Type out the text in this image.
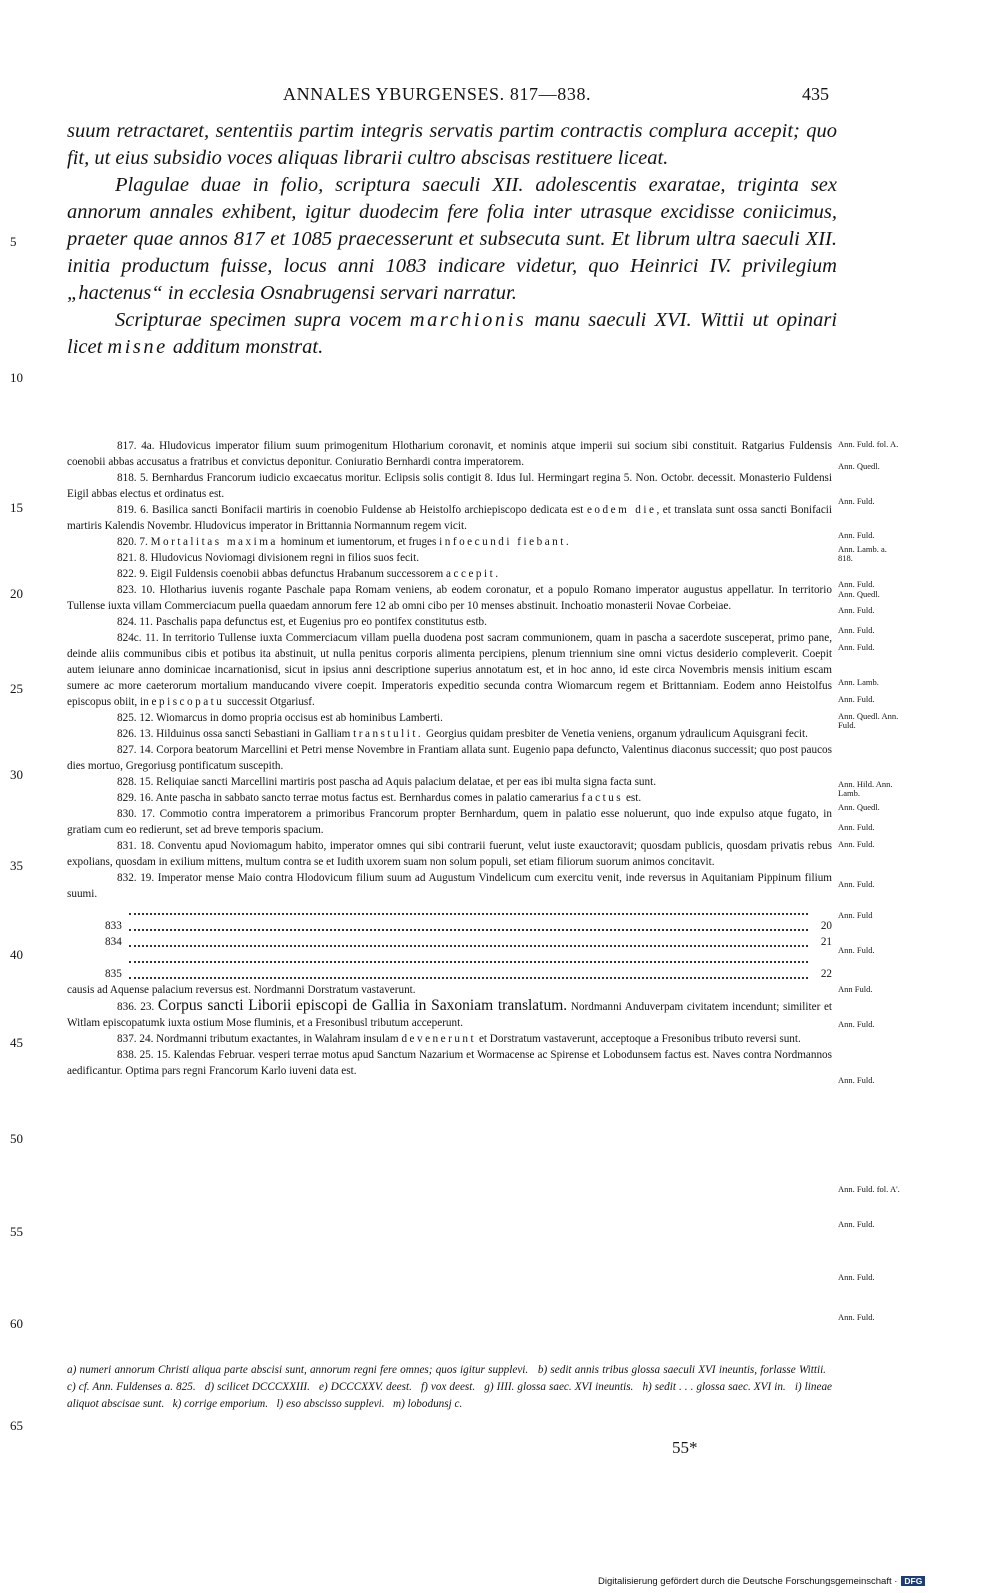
ANNALES YBURGENSES. 817—838.	435

suum retractaret, sententiis partim integris servatis partim contractis complura accepit; quo fit, ut eius subsidio voces aliquas librarii cultro abscisas restituere liceat.

Plagulae duae in folio, scriptura saeculi XII. adolescentis exaratae, triginta sex annorum annales exhibent, igitur duodecim fere folia inter utrasque excidisse coniicimus, praeter quae annos 817 et 1085 praecesserunt et subsecuta sunt. Et librum ultra saeculi XII. initia productum fuisse, locus anni 1083 indicare videtur, quo Heinrici IV. privilegium „hactenus“ in ecclesia Osnabrugensi servari narratur.

Scripturae specimen supra vocem marchionis manu saeculi XVI. Wittii ut opinari licet misne additum monstrat.

5
10
15
20
25
30
35
40
45
50
55
60
65
Ann. Fuld. fol. A.
Ann. Quedl.
Ann. Fuld.
Ann. Fuld.
Ann. Lamb. a. 818.
Ann. Fuld.
Ann. Quedl.
Ann. Fuld.
Ann. Fuld.
Ann. Fuld.
Ann. Lamb.
Ann. Fuld.
Ann. Quedl. Ann. Fuld.
Ann. Hild. Ann. Lamb.
Ann. Quedl.
Ann. Fuld.
Ann. Fuld.
Ann. Fuld.
Ann. Fuld
Ann. Fuld.
Ann Fuld.
Ann. Fuld.
Ann. Fuld.
Ann. Fuld. fol. A'.
Ann. Fuld.
Ann. Fuld.
Ann. Fuld.

817. 4a. Hludovicus imperator filium suum primogenitum Hlotharium coronavit, et nominis atque imperii sui socium sibi constituit. Ratgarius Fuldensis coenobii abbas accusatus a fratribus et convictus deponitur. Coniuratio Bernhardi contra imperatorem.

818. 5. Bernhardus Francorum iudicio excaecatus moritur. Eclipsis solis contigit 8. Idus Iul. Hermingart regina 5. Non. Octobr. decessit. Monasterio Fuldensi Eigil abbas electus et ordinatus est.

819. 6. Basilica sancti Bonifacii martiris in coenobio Fuldense ab Heistolfo archiepiscopo dedicata est eodem die, et translata sunt ossa sancti Bonifacii martiris Kalendis Novembr. Hludovicus imperator in Brittannia Normannum regem vicit.

820. 7. Mortalitas maxima hominum et iumentorum, et fruges infoecundi fiebant.

821. 8. Hludovicus Noviomagi divisionem regni in filios suos fecit.

822. 9. Eigil Fuldensis coenobii abbas defunctus Hrabanum successorem accepit.

823. 10. Hlotharius iuvenis rogante Paschale papa Romam veniens, ab eodem coronatur, et a populo Romano imperator augustus appellatur. In territorio Tullense iuxta villam Commerciacum puella quaedam annorum fere 12 ab omni cibo per 10 menses abstinuit. Inchoatio monasterii Novae Corbeiae.

824. 11. Paschalis papa defunctus est, et Eugenius pro eo pontifex constitutus estb.

824c. 11. In territorio Tullense iuxta Commerciacum villam puella duodena post sacram communionem, quam in pascha a sacerdote susceperat, primo pane, deinde aliis communibus cibis et potibus ita abstinuit, ut nulla penitus corporis alimenta percipiens, plenum triennium sine omni victus desiderio compleverit. Coepit autem ieiunare anno dominicae incarnationisd, sicut in ipsius anni descriptione superius annotatum est, et in hoc anno, id este circa Novembris mensis initium escam sumere ac more caeterorum mortalium manducando vivere coepit. Imperatoris expeditio secunda contra Wiomarcum regem et Brittanniam. Eodem anno Heistolfus episcopus obiit, in episcopatu successit Otgariusf.

825. 12. Wiomarcus in domo propria occisus est ab hominibus Lamberti.

826. 13. Hilduinus ossa sancti Sebastiani in Galliam transtulit. Georgius quidam presbiter de Venetia veniens, organum ydraulicum Aquisgrani fecit.

827. 14. Corpora beatorum Marcellini et Petri mense Novembre in Frantiam allata sunt. Eugenio papa defuncto, Valentinus diaconus successit; quo post paucos dies mortuo, Gregoriusg pontificatum suscepith.

828. 15. Reliquiae sancti Marcellini martiris post pascha ad Aquis palacium delatae, et per eas ibi multa signa facta sunt.

829. 16. Ante pascha in sabbato sancto terrae motus factus est. Bernhardus comes in palatio camerarius factus est.

830. 17. Commotio contra imperatorem a primoribus Francorum propter Bernhardum, quem in palatio esse noluerunt, quo inde expulso atque fugato, in gratiam cum eo redierunt, set ad breve temporis spacium.

831. 18. Conventu apud Noviomagum habito, imperator omnes qui sibi contrarii fuerunt, velut iuste exauctoravit; quosdam publicis, quosdam privatis rebus expolians, quosdam in exilium mittens, multum contra se et Iudith uxorem suam non solum populi, set etiam filiorum suorum animos concitavit.

832. 19. Imperator mense Maio contra Hlodovicum filium suum ad Augustum Vindelicum cum exercitu venit, inde reversus in Aquitaniam Pippinum filium suumi.

833	20
834	21
835	22

causis ad Aquense palacium reversus est. Nordmanni Dorstratum vastaverunt.

836. 23. Corpus sancti Liborii episcopi de Gallia in Saxoniam translatum. Nordmanni Anduverpam civitatem incendunt; similiter et Witlam episcopatumk iuxta ostium Mose fluminis, et a Fresonibusl tributum acceperunt.

837. 24. Nordmanni tributum exactantes, in Walahram insulam devenerunt et Dorstratum vastaverunt, acceptoque a Fresonibus tributo reversi sunt.

838. 25. 15. Kalendas Februar. vesperi terrae motus apud Sanctum Nazarium et Wormacense ac Spirense et Lobodunsem factus est. Naves contra Nordmannos aedificantur. Optima pars regni Francorum Karlo iuveni data est.

a) numeri annorum Christi aliqua parte abscisi sunt, annorum regni fere omnes; quos igitur supplevi. b) sedit annis tribus glossa saeculi XVI ineuntis, forlasse Wittii.   c) cf. Ann. Fuldenses a. 825. d) scilicet DCCCXXIII. e) DCCCXXV. deest. f) vox deest. g) IIII. glossa saec. XVI ineuntis. h) sedit . . . glossa saec. XVI in. i) lineae aliquot abscisae sunt. k) corrige emporium. l) eso abscisso supplevi. m) lobodunsj c.
55*
Digitalisierung gefördert durch die Deutsche Forschungsgemeinschaft · DFG
